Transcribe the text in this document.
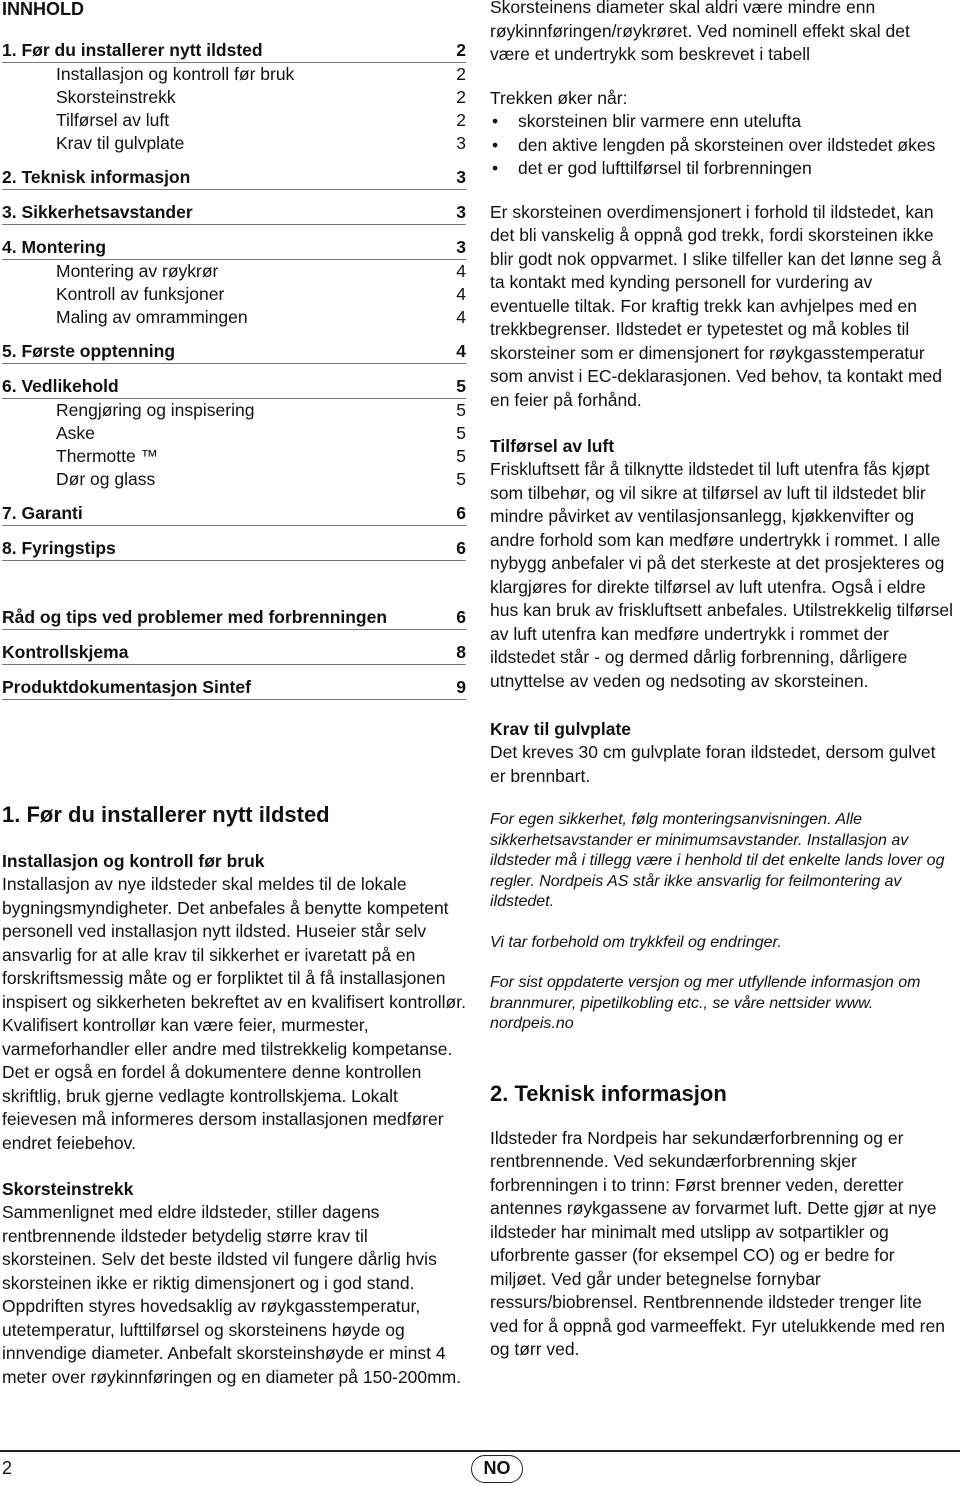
INNHOLD
1. Før du installerer nytt ildsted	2
Installasjon og kontroll før bruk	2
Skorsteinstrekk	2
Tilførsel av luft	2
Krav til gulvplate	3
2. Teknisk informasjon	3
3. Sikkerhetsavstander	3
4. Montering	3
Montering av røykrør	4
Kontroll av funksjoner	4
Maling av omrammingen	4
5. Første opptenning	4
6. Vedlikehold	5
Rengjøring og inspisering	5
Aske	5
Thermotte ™	5
Dør og glass	5
7. Garanti	6
8. Fyringstips	6
Råd og tips ved problemer med forbrenningen	6
Kontrollskjema	8
Produktdokumentasjon Sintef	9
1. Før du installerer nytt ildsted
Installasjon og kontroll før bruk

Installasjon av nye ildsteder skal meldes til de lokale bygningsmyndigheter. Det anbefales å benytte kompetent personell ved installasjon nytt ildsted. Huseier står selv ansvarlig for at alle krav til sikkerhet er ivaretatt på en forskriftsmessig måte og er forpliktet til å få installasjonen inspisert og sikkerheten bekreftet av en kvalifisert kontrollør. Kvalifisert kontrollør kan være feier, murmester, varmeforhandler eller andre med tilstrekkelig kompetanse. Det er også en fordel å dokumentere denne kontrollen skriftlig, bruk gjerne vedlagte kontrollskjema. Lokalt feievesen må informeres dersom installasjonen medfører endret feiebehov.

Skorsteinstrekk

Sammenlignet med eldre ildsteder, stiller dagens rentbrennende ildsteder betydelig større krav til skorsteinen. Selv det beste ildsted vil fungere dårlig hvis skorsteinen ikke er riktig dimensjonert og i god stand. Oppdriften styres hovedsaklig av røykgasstemperatur, utetemperatur, lufttilførsel og skorsteinens høyde og innvendige diameter. Anbefalt skorsteinshøyde er minst 4 meter over røykinnføringen og en diameter på 150-200mm.

Skorsteinens diameter skal aldri være mindre enn røykinnføringen/røykrøret. Ved nominell effekt skal det være et undertrykk som beskrevet i tabell

Trekken øker når:

• skorsteinen blir varmere enn utelufta
• den aktive lengden på skorsteinen over ildstedet økes
• det er god lufttilførsel til forbrenningen

Er skorsteinen overdimensjonert i forhold til ildstedet, kan det bli vanskelig å oppnå god trekk, fordi skorsteinen ikke blir godt nok oppvarmet. I slike tilfeller kan det lønne seg å ta kontakt med kynding personell for vurdering av eventuelle tiltak. For kraftig trekk kan avhjelpes med en trekkbegrenser. Ildstedet er typetestet og må kobles til skorsteiner som er dimensjonert for røykgasstemperatur som anvist i EC-deklarasjonen. Ved behov, ta kontakt med en feier på forhånd.

Tilførsel av luft

Friskluftsett får å tilknytte ildstedet til luft utenfra fås kjøpt som tilbehør, og vil sikre at tilførsel av luft til ildstedet blir mindre påvirket av ventilasjonsanlegg, kjøkkenvifter og andre forhold som kan medføre undertrykk i rommet. I alle nybygg anbefaler vi på det sterkeste at det prosjekteres og klargjøres for direkte tilførsel av luft utenfra. Også i eldre hus kan bruk av friskluftsett anbefales. Utilstrekkelig tilførsel av luft utenfra kan medføre undertrykk i rommet der ildstedet står - og dermed dårlig forbrenning, dårligere utnyttelse av veden og nedsoting av skorsteinen.

Krav til gulvplate

Det kreves 30 cm gulvplate foran ildstedet, dersom gulvet er brennbart.

For egen sikkerhet, følg monteringsanvisningen. Alle sikkerhetsavstander er minimumsavstander. Installasjon av ildsteder må i tillegg være i henhold til det enkelte lands lover og regler. Nordpeis AS står ikke ansvarlig for feilmontering av ildstedet.

Vi tar forbehold om trykkfeil og endringer.

For sist oppdaterte versjon og mer utfyllende informasjon om brannmurer, pipetilkobling etc., se våre nettsider www. nordpeis.no

2. Teknisk informasjon

Ildsteder fra Nordpeis har sekundærforbrenning og er rentbrennende. Ved sekundærforbrenning skjer forbrenningen i to trinn: Først brenner veden, deretter antennes røykgassene av forvarmet luft. Dette gjør at nye ildsteder har minimalt med utslipp av sotpartikler og uforbrente gasser (for eksempel CO) og er bedre for miljøet. Ved går under betegnelse fornybar ressurs/biobrensel. Rentbrennende ildsteder trenger lite ved for å oppnå god varmeeffekt. Fyr utelukkende med ren og tørr ved.

2	NO
